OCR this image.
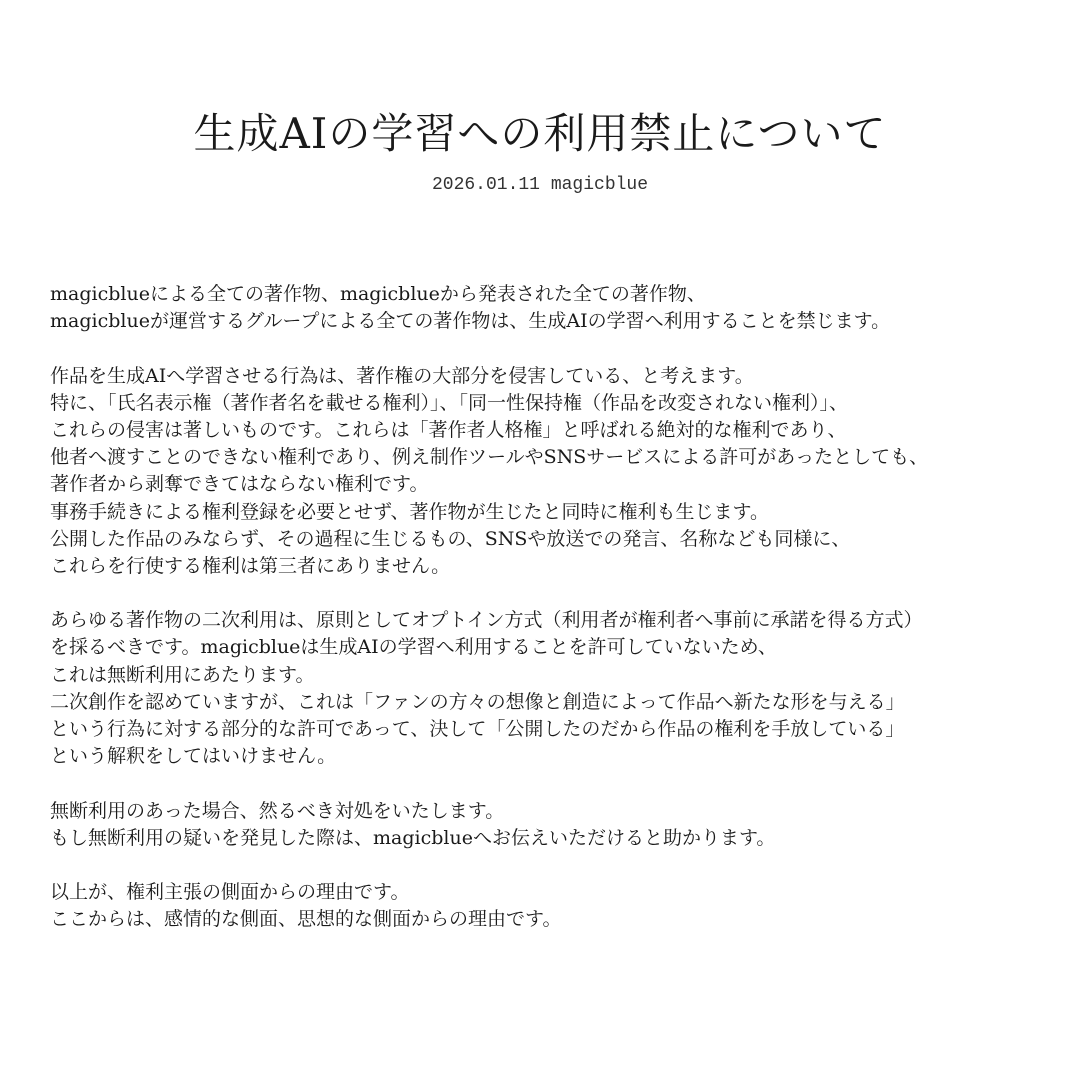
生成AIの学習への利用禁止について
2026.01.11 magicblue
magicblueによる全ての著作物、magicblueから発表された全ての著作物、
magicblueが運営するグループによる全ての著作物は、生成AIの学習へ利用することを禁じます。
作品を生成AIへ学習させる行為は、著作権の大部分を侵害している、と考えます。
特に、「氏名表示権（著作者名を載せる権利）」、「同一性保持権（作品を改変されない権利）」、
これらの侵害は著しいものです。これらは「著作者人格権」と呼ばれる絶対的な権利であり、
他者へ渡すことのできない権利であり、例え制作ツールやSNSサービスによる許可があったとしても、
著作者から剥奪できてはならない権利です。
事務手続きによる権利登録を必要とせず、著作物が生じたと同時に権利も生じます。
公開した作品のみならず、その過程に生じるもの、SNSや放送での発言、名称なども同様に、
これらを行使する権利は第三者にありません。
あらゆる著作物の二次利用は、原則としてオプトイン方式（利用者が権利者へ事前に承諾を得る方式）
を採るべきです。magicblueは生成AIの学習へ利用することを許可していないため、
これは無断利用にあたります。
二次創作を認めていますが、これは「ファンの方々の想像と創造によって作品へ新たな形を与える」
という行為に対する部分的な許可であって、決して「公開したのだから作品の権利を手放している」
という解釈をしてはいけません。
無断利用のあった場合、然るべき対処をいたします。
もし無断利用の疑いを発見した際は、magicblueへお伝えいただけると助かります。
以上が、権利主張の側面からの理由です。
ここからは、感情的な側面、思想的な側面からの理由です。
